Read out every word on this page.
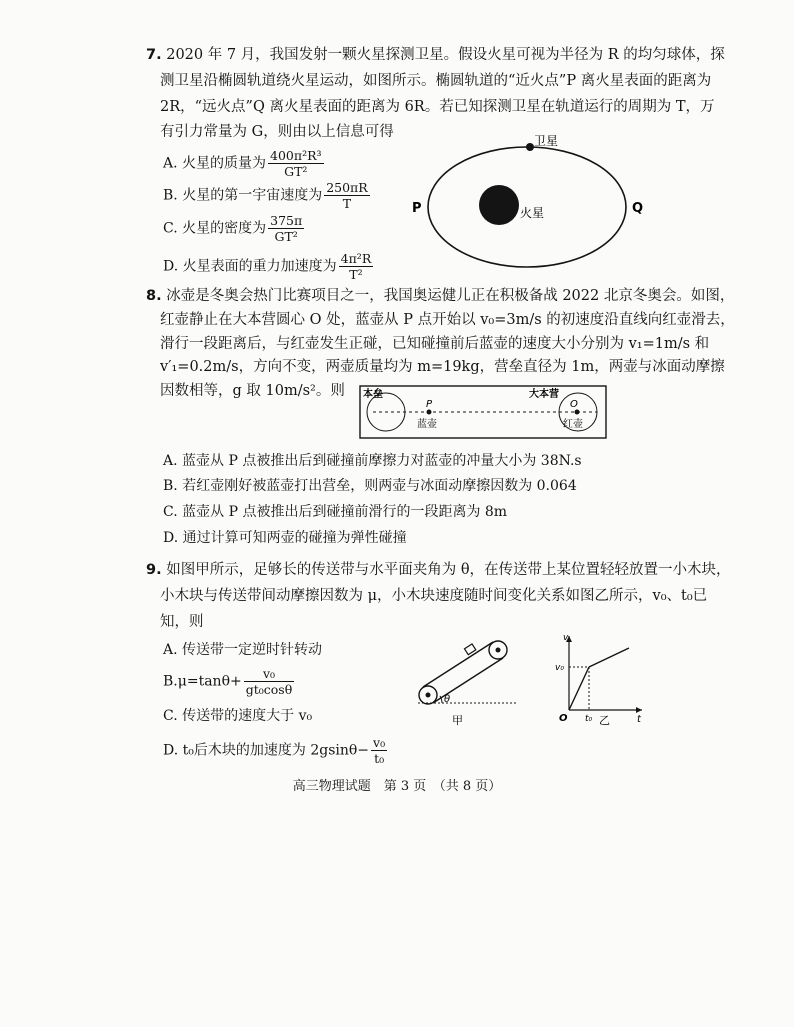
7. 2020 年 7 月，我国发射一颗火星探测卫星。假设火星可视为半径为 R 的均匀球体，探
测卫星沿椭圆轨道绕火星运动，如图所示。椭圆轨道的“近火点”P 离火星表面的距离为
2R，“远火点”Q 离火星表面的距离为 6R。若已知探测卫星在轨道运行的周期为 T，万
有引力常量为 G，则由以上信息可得
A. 火星的质量为 $\frac{\text{400π²R³}}{\text{GT²}}$
B. 火星的第一宇宙速度为 $\frac{250\pi R}{T}$
C. 火星的密度为 $\frac{375\pi}{\text{GT²}}$
D. 火星表面的重力加速度为 $\frac{\text{4π²R}}{\text{T²}}$
卫星
火星
P	Q
8. 冰壶是冬奥会热门比赛项目之一，我国奥运健儿正在积极备战 2022 北京冬奥会。如图，
红壶静止在大本营圆心 O 处，蓝壶从 P 点开始以 v₀=3m/s 的初速度沿直线向红壶滑去，
滑行一段距离后，与红壶发生正碰，已知碰撞前后蓝壶的速度大小分别为 v₁=1m/s 和
v′₁=0.2m/s，方向不变，两壶质量均为 m=19kg，营垒直径为 1m，两壶与冰面动摩擦
因数相等，g 取 10m/s²。则 本垒	大本营
P	O
蓝壶	红壶
A. 蓝壶从 P 点被推出后到碰撞前摩擦力对蓝壶的冲量大小为 38N.s
B. 若红壶刚好被蓝壶打出营垒，则两壶与冰面动摩擦因数为 0.064
C. 蓝壶从 P 点被推出后到碰撞前滑行的一段距离为 8m
D. 通过计算可知两壶的碰撞为弹性碰撞
9. 如图甲所示，足够长的传送带与水平面夹角为 θ，在传送带上某位置轻轻放置一小木块，
小木块与传送带间动摩擦因数为 μ，小木块速度随时间变化关系如图乙所示，v₀、t₀已
知，则
A. 传送带一定逆时针转动
$B.\mu=\tan\theta+ \frac{\text{v₀}}{\text{gt₀cosθ}}$
C. 传送带的速度大于 v₀
D. t₀后木块的加速度为 $2gsin\theta- \frac{\text{v₀}}{\text{t₀}}$
θ
甲
v
v₀
O t₀	t
乙
高三物理试题　第 3 页　（共 8 页）
